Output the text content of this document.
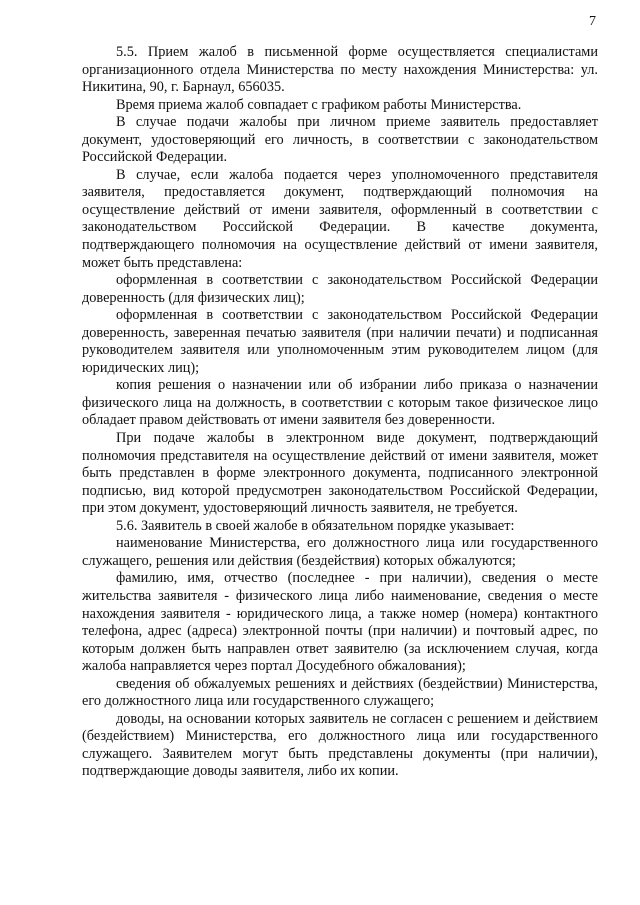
7

5.5. Прием жалоб в письменной форме осуществляется специалистами организационного отдела Министерства по месту нахождения Министерства: ул. Никитина, 90, г. Барнаул, 656035.

Время приема жалоб совпадает с графиком работы Министерства.

В случае подачи жалобы при личном приеме заявитель предоставляет документ, удостоверяющий его личность, в соответствии с законодательством Российской Федерации.

В случае, если жалоба подается через уполномоченного представителя заявителя, предоставляется документ, подтверждающий полномочия на осуществление действий от имени заявителя, оформленный в соответствии с законодательством Российской Федерации. В качестве документа, подтверждающего полномочия на осуществление действий от имени заявителя, может быть представлена:

оформленная в соответствии с законодательством Российской Федерации доверенность (для физических лиц);

оформленная в соответствии с законодательством Российской Федерации доверенность, заверенная печатью заявителя (при наличии печати) и подписанная руководителем заявителя или уполномоченным этим руководителем лицом (для юридических лиц);

копия решения о назначении или об избрании либо приказа о назначении физического лица на должность, в соответствии с которым такое физическое лицо обладает правом действовать от имени заявителя без доверенности.

При подаче жалобы в электронном виде документ, подтверждающий полномочия представителя на осуществление действий от имени заявителя, может быть представлен в форме электронного документа, подписанного электронной подписью, вид которой предусмотрен законодательством Российской Федерации, при этом документ, удостоверяющий личность заявителя, не требуется.

5.6. Заявитель в своей жалобе в обязательном порядке указывает:

наименование Министерства, его должностного лица или государственного служащего, решения или действия (бездействия) которых обжалуются;

фамилию, имя, отчество (последнее - при наличии), сведения о месте жительства заявителя - физического лица либо наименование, сведения о месте нахождения заявителя - юридического лица, а также номер (номера) контактного телефона, адрес (адреса) электронной почты (при наличии) и почтовый адрес, по которым должен быть направлен ответ заявителю (за исключением случая, когда жалоба направляется через портал Досудебного обжалования);

сведения об обжалуемых решениях и действиях (бездействии) Министерства, его должностного лица или государственного служащего;

доводы, на основании которых заявитель не согласен с решением и действием (бездействием) Министерства, его должностного лица или государственного служащего. Заявителем могут быть представлены документы (при наличии), подтверждающие доводы заявителя, либо их копии.
